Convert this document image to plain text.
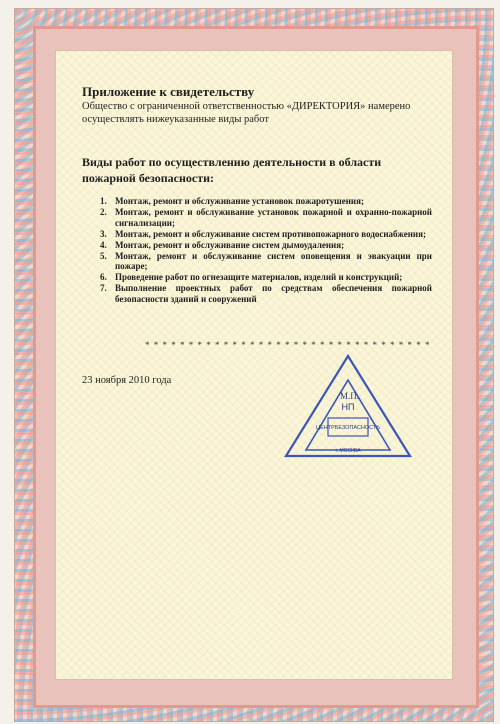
Приложение к свидетельству
Общество с ограниченной ответственностью «ДИРЕКТОРИЯ» намерено осуществлять нижеуказанные виды работ
Виды работ по осуществлению деятельности в области пожарной безопасности:
1. Монтаж, ремонт и обслуживание установок пожаротушения;
2. Монтаж, ремонт и обслуживание установок пожарной и охранно-пожарной сигнализации;
3. Монтаж, ремонт и обслуживание систем противопожарного водоснабжения;
4. Монтаж, ремонт и обслуживание систем дымоудаления;
5. Монтаж, ремонт и обслуживание систем оповещения и эвакуации при пожаре;
6. Проведение работ по огнезащите материалов, изделий и конструкций;
7. Выполнение проектных работ по средствам обеспечения пожарной безопасности зданий и сооружений
* * * * * * * * * * * * * * * * * * * * * * * * * * * * * * * * *
23 ноября 2010 года
НП
ЦЕНТРБЕЗОПАСНОСТЬ
г. МОСКВА
М.П.
